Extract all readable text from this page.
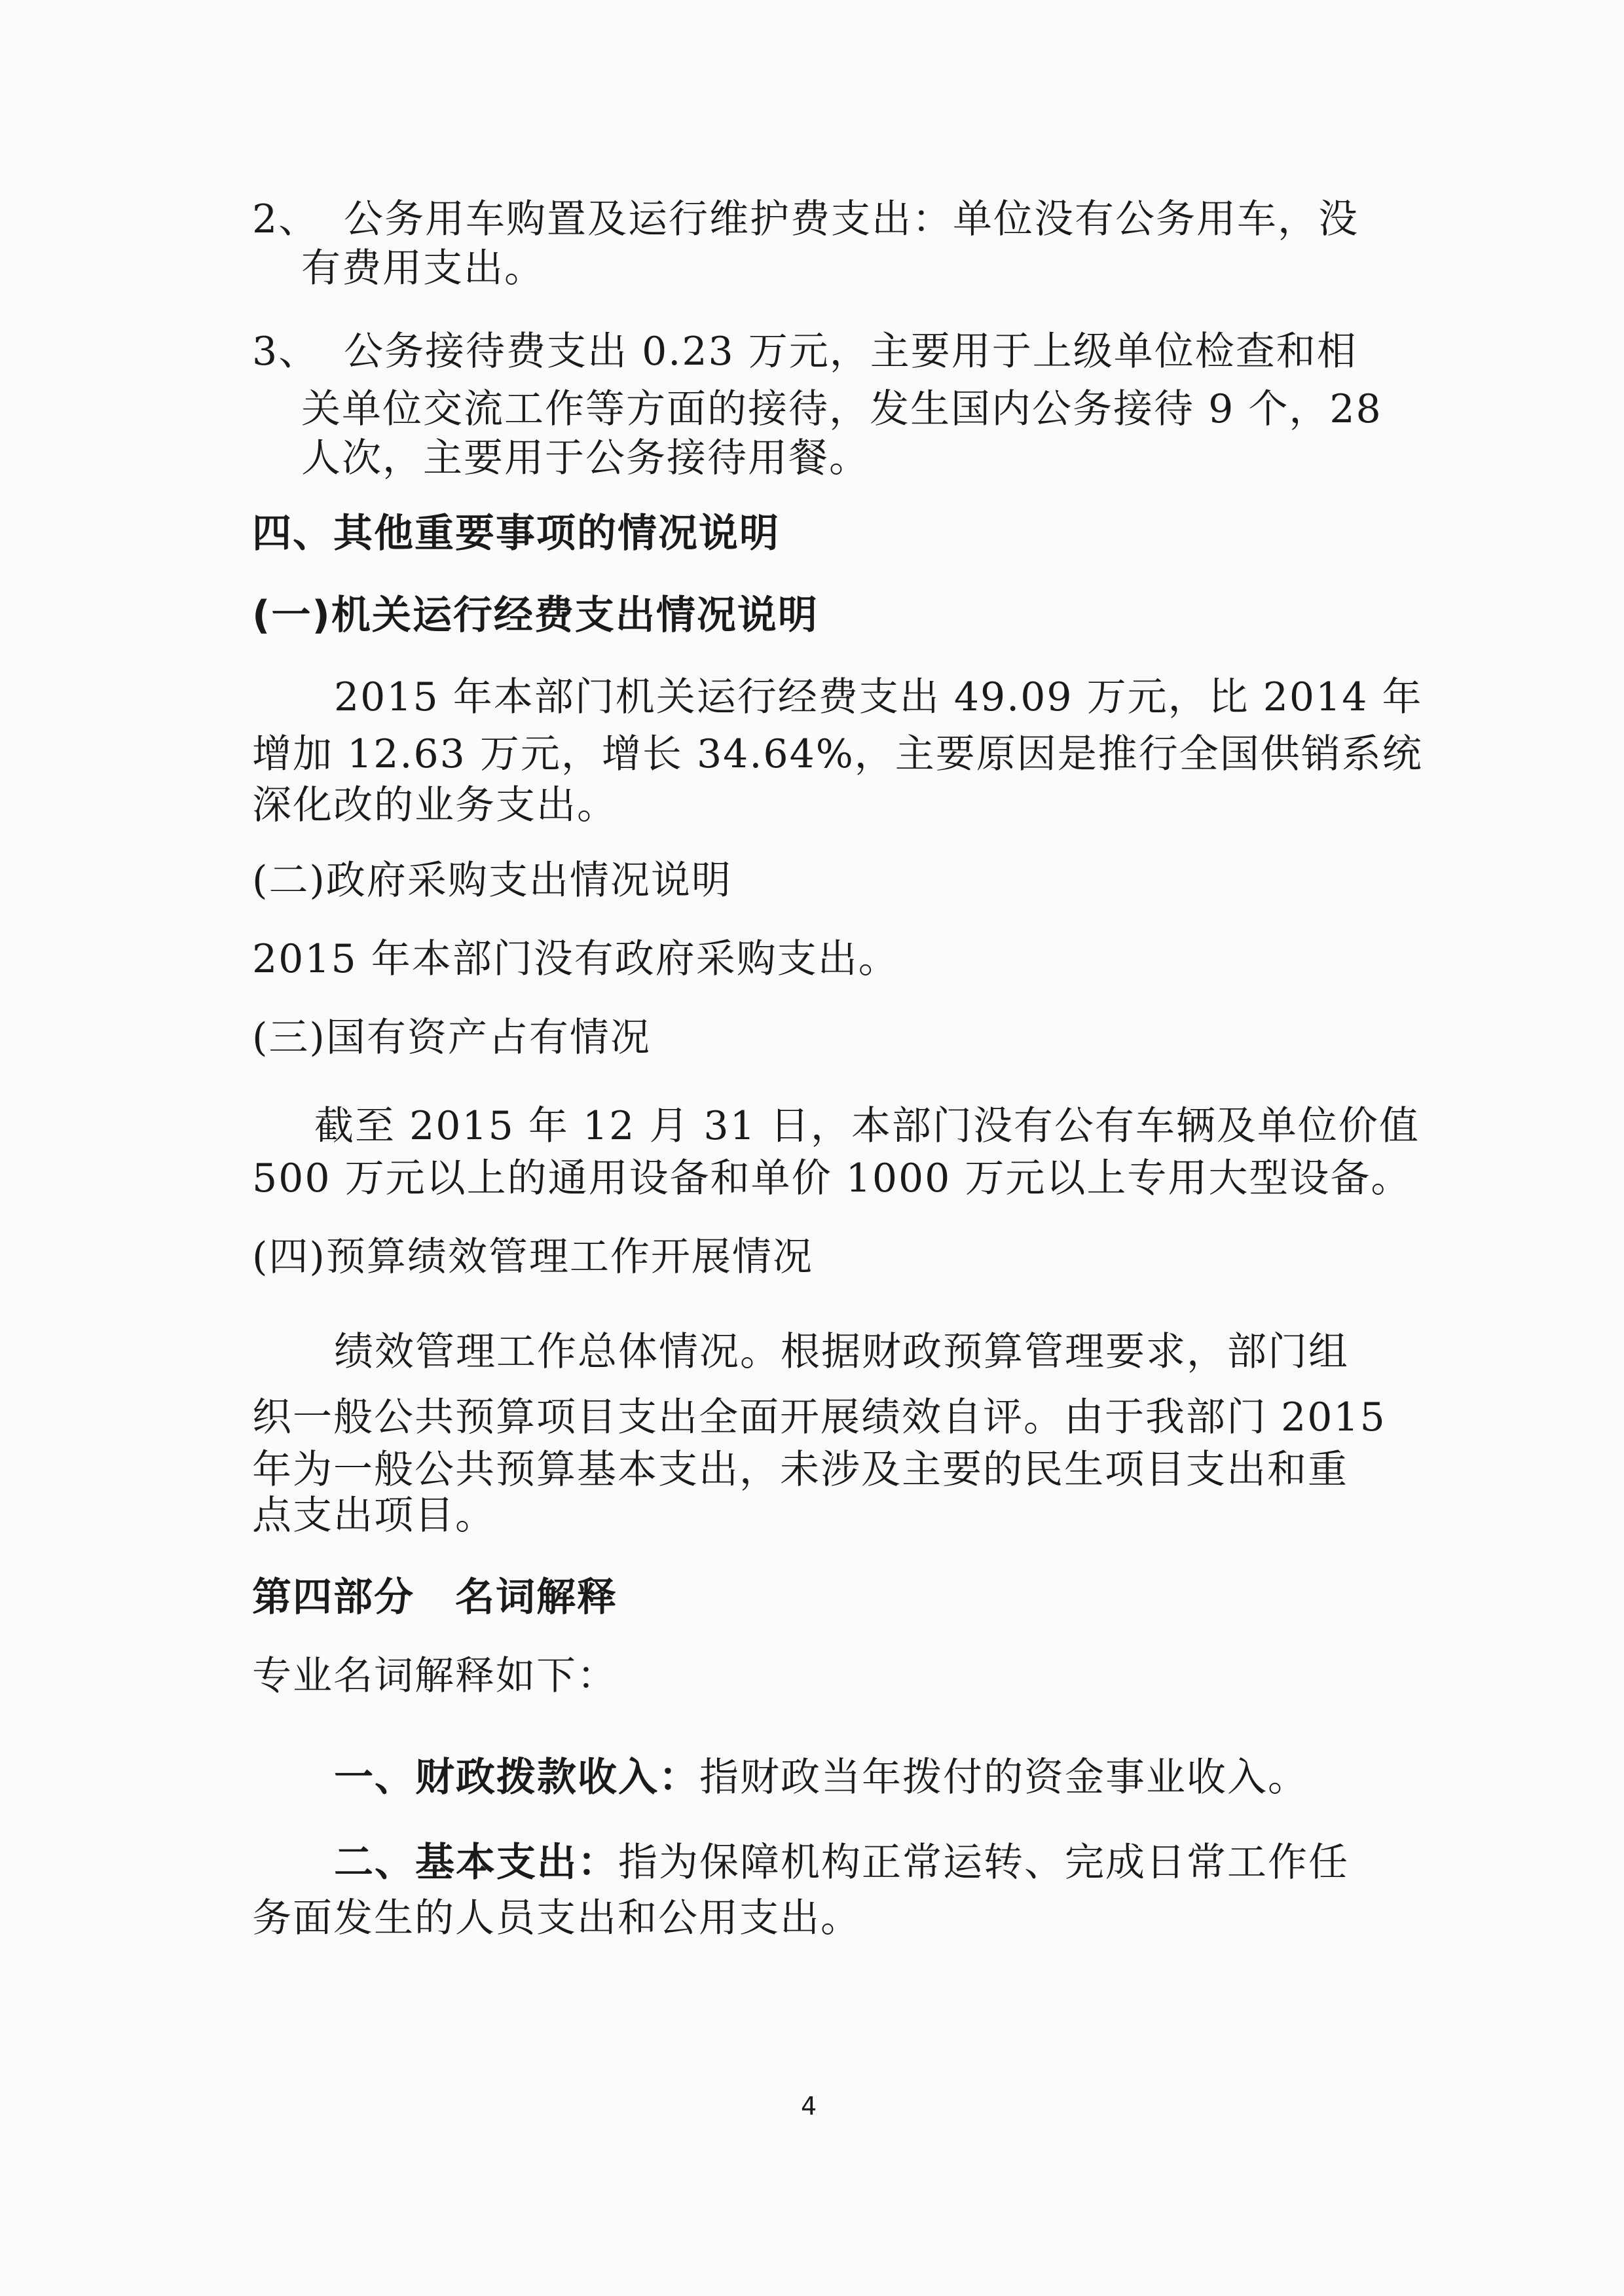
2、 公务用车购置及运行维护费支出：单位没有公务用车，没
有费用支出。
3、 公务接待费支出 0.23 万元，主要用于上级单位检查和相
关单位交流工作等方面的接待，发生国内公务接待 9 个，28
人次，主要用于公务接待用餐。
四、其他重要事项的情况说明
(一)机关运行经费支出情况说明
2015 年本部门机关运行经费支出 49.09 万元，比 2014 年
增加 12.63 万元，增长 34.64%，主要原因是推行全国供销系统
深化改的业务支出。
(二)政府采购支出情况说明
2015 年本部门没有政府采购支出。
(三)国有资产占有情况
截至 2015 年 12 月 31 日，本部门没有公有车辆及单位价值
500 万元以上的通用设备和单价 1000 万元以上专用大型设备。
(四)预算绩效管理工作开展情况
绩效管理工作总体情况。根据财政预算管理要求，部门组
织一般公共预算项目支出全面开展绩效自评。由于我部门 2015
年为一般公共预算基本支出，未涉及主要的民生项目支出和重
点支出项目。
第四部分　名词解释
专业名词解释如下：
一、财政拨款收入：指财政当年拨付的资金事业收入。
二、基本支出：指为保障机构正常运转、完成日常工作任
务面发生的人员支出和公用支出。
4
